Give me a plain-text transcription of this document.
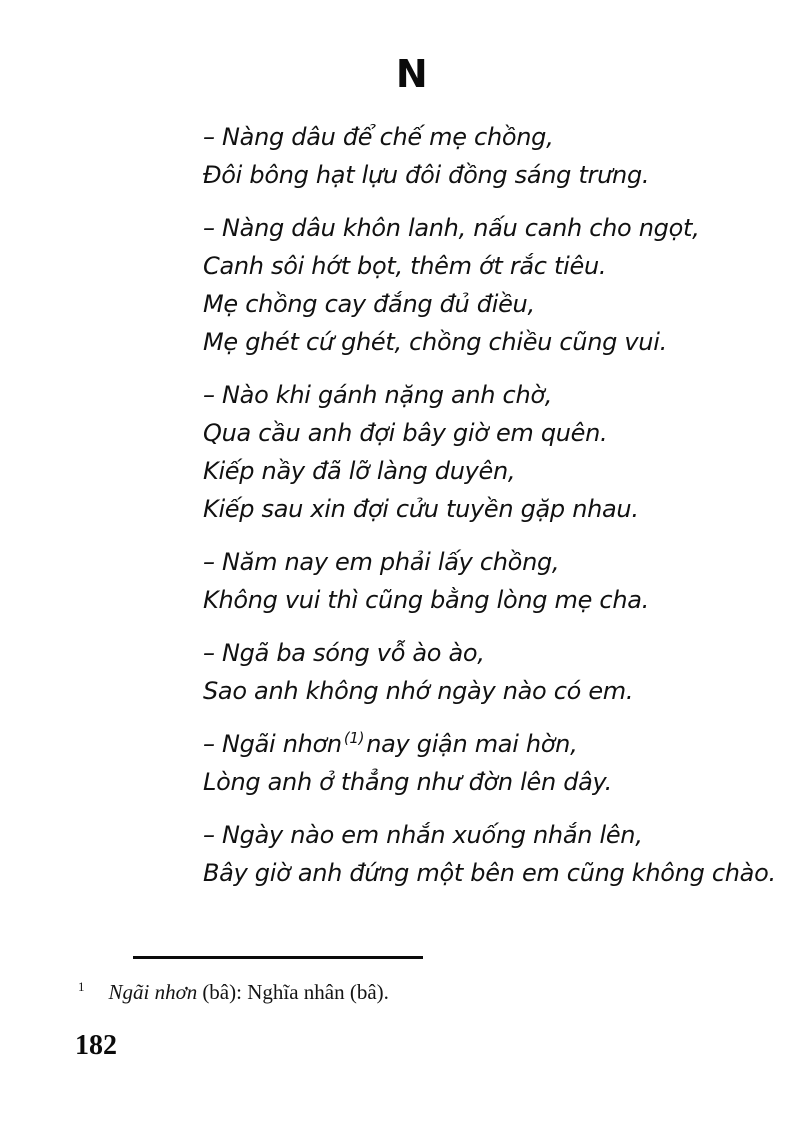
N
– Nàng dâu để chế mẹ chồng,
Đôi bông hạt lựu đôi đồng sáng trưng.
– Nàng dâu khôn lanh, nấu canh cho ngọt,
Canh sôi hớt bọt, thêm ớt rắc tiêu.
Mẹ chồng cay đắng đủ điều,
Mẹ ghét cứ ghét, chồng chiều cũng vui.
– Nào khi gánh nặng anh chờ,
Qua cầu anh đợi bây giờ em quên.
Kiếp nầy đã lỡ làng duyên,
Kiếp sau xin đợi cửu tuyền gặp nhau.
– Năm nay em phải lấy chồng,
Không vui thì cũng bằng lòng mẹ cha.
– Ngã ba sóng vỗ ào ào,
Sao anh không nhớ ngày nào có em.
– Ngãi nhơn $^{(1)}$nay giận mai hờn,
Lòng anh ở thẳng như đờn lên dây.
– Ngày nào em nhắn xuống nhắn lên,
Bây giờ anh đứng một bên em cũng không chào.
$^1$ Ngãi nhơn (bâ): Nghĩa nhân (bâ).
182
